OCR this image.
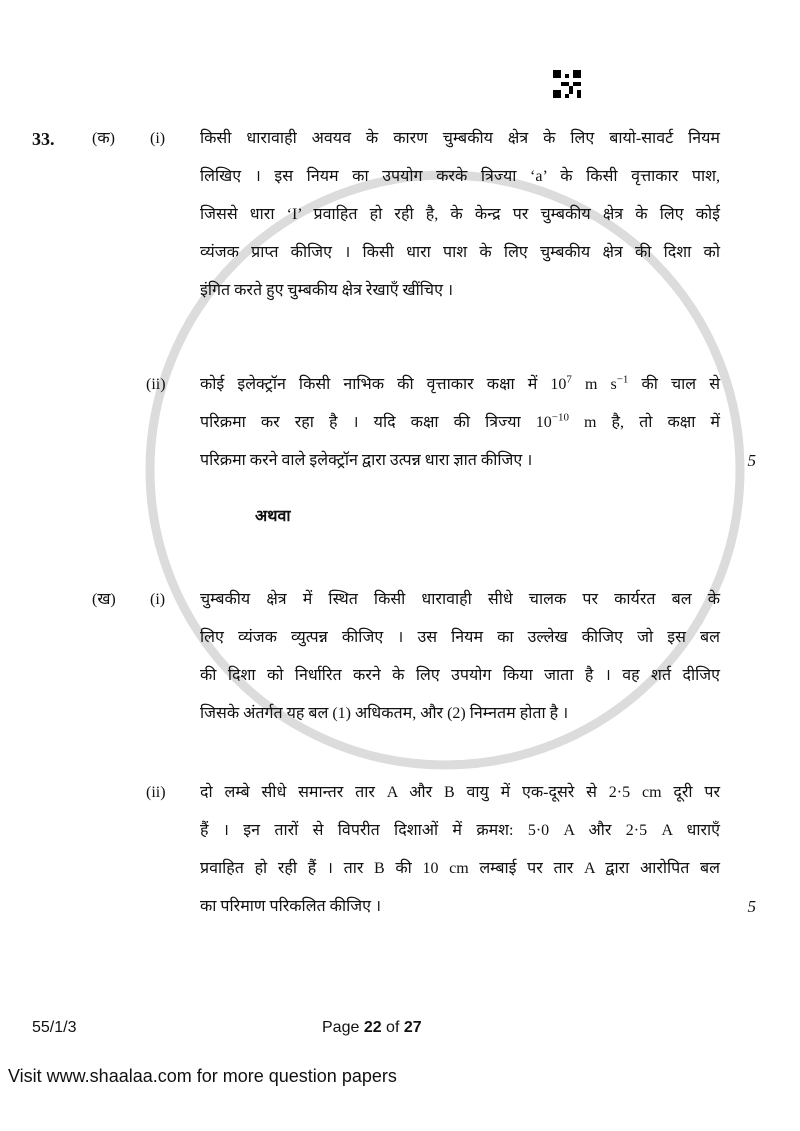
33. (क) (i) किसी धारावाही अवयव के कारण चुम्बकीय क्षेत्र के लिए बायो-सावर्ट नियम
लिखिए । इस नियम का उपयोग करके त्रिज्या ‘a’ के किसी वृत्ताकार पाश,
जिससे धारा ‘I’ प्रवाहित हो रही है, के केन्द्र पर चुम्बकीय क्षेत्र के लिए कोई
व्यंजक प्राप्त कीजिए । किसी धारा पाश के लिए चुम्बकीय क्षेत्र की दिशा को
इंगित करते हुए चुम्बकीय क्षेत्र रेखाएँ खींचिए ।
(ii) कोई इलेक्ट्रॉन किसी नाभिक की वृत्ताकार कक्षा में $10^7$ m $s^{-1}$ की चाल से
परिक्रमा कर रहा है । यदि कक्षा की त्रिज्या $10^{-10}$ m है, तो कक्षा में
परिक्रमा करने वाले इलेक्ट्रॉन द्वारा उत्पन्न धारा ज्ञात कीजिए ।	5
अथवा
(ख) (i) चुम्बकीय क्षेत्र में स्थित किसी धारावाही सीधे चालक पर कार्यरत बल के
लिए व्यंजक व्युत्पन्न कीजिए । उस नियम का उल्लेख कीजिए जो इस बल
की दिशा को निर्धारित करने के लिए उपयोग किया जाता है । वह शर्त दीजिए
जिसके अंतर्गत यह बल (1) अधिकतम, और (2) निम्नतम होता है ।
(ii) दो लम्बे सीधे समान्तर तार A और B वायु में एक-दूसरे से 2·5 cm दूरी पर
हैं । इन तारों से विपरीत दिशाओं में क्रमश: 5·0 A और 2·5 A धाराएँ
प्रवाहित हो रही हैं । तार B की 10 cm लम्बाई पर तार A द्वारा आरोपित बल
का परिमाण परिकलित कीजिए ।	5
55/1/3	Page 22 of 27
Visit www.shaalaa.com for more question papers
